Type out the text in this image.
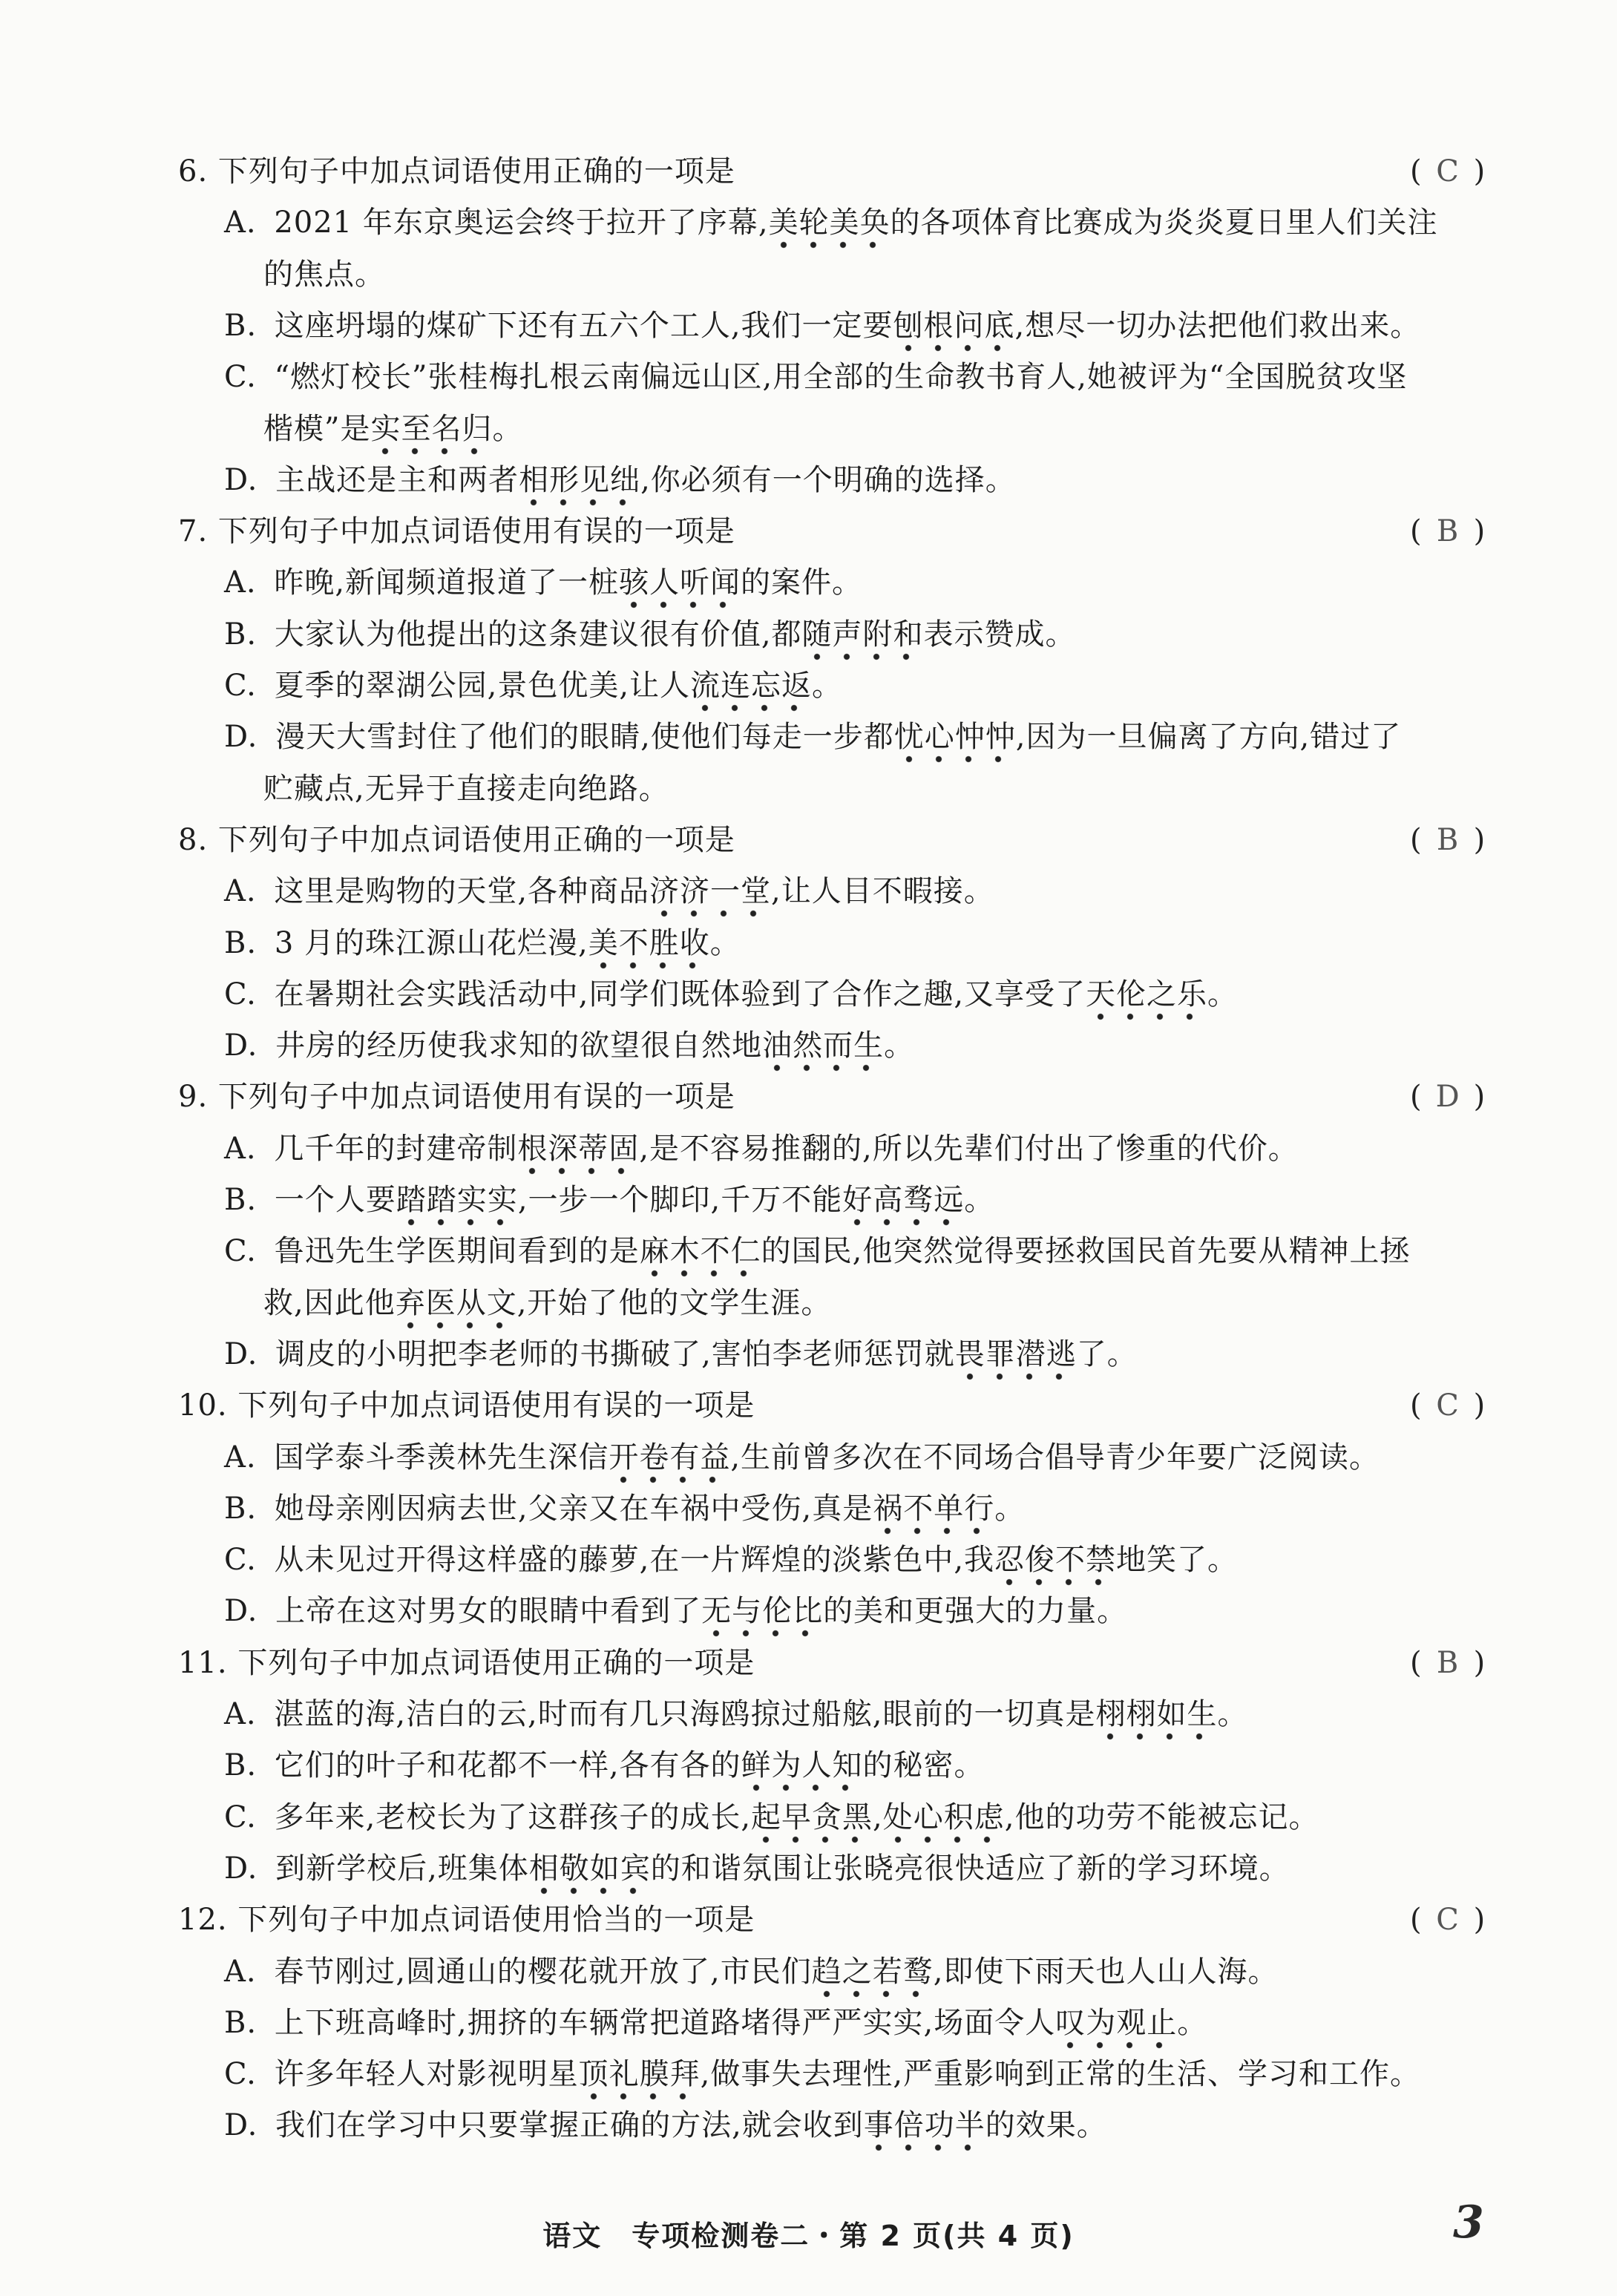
6. 下列句子中加点词语使用正确的一项是	( C )
A. 2021 年东京奥运会终于拉开了序幕,美轮美奂的各项体育比赛成为炎炎夏日里人们关注
的焦点。
B. 这座坍塌的煤矿下还有五六个工人,我们一定要刨根问底,想尽一切办法把他们救出来。
C. “燃灯校长”张桂梅扎根云南偏远山区,用全部的生命教书育人,她被评为“全国脱贫攻坚
楷模”是实至名归。
D. 主战还是主和两者相形见绌,你必须有一个明确的选择。
7. 下列句子中加点词语使用有误的一项是	( B )
A. 昨晚,新闻频道报道了一桩骇人听闻的案件。
B. 大家认为他提出的这条建议很有价值,都随声附和表示赞成。
C. 夏季的翠湖公园,景色优美,让人流连忘返。
D. 漫天大雪封住了他们的眼睛,使他们每走一步都忧心忡忡,因为一旦偏离了方向,错过了
贮藏点,无异于直接走向绝路。
8. 下列句子中加点词语使用正确的一项是	( B )
A. 这里是购物的天堂,各种商品济济一堂,让人目不暇接。
B. 3 月的珠江源山花烂漫,美不胜收。
C. 在暑期社会实践活动中,同学们既体验到了合作之趣,又享受了天伦之乐。
D. 井房的经历使我求知的欲望很自然地油然而生。
9. 下列句子中加点词语使用有误的一项是	( D )
A. 几千年的封建帝制根深蒂固,是不容易推翻的,所以先辈们付出了惨重的代价。
B. 一个人要踏踏实实,一步一个脚印,千万不能好高骛远。
C. 鲁迅先生学医期间看到的是麻木不仁的国民,他突然觉得要拯救国民首先要从精神上拯
救,因此他弃医从文,开始了他的文学生涯。
D. 调皮的小明把李老师的书撕破了,害怕李老师惩罚就畏罪潜逃了。
10. 下列句子中加点词语使用有误的一项是	( C )
A. 国学泰斗季羡林先生深信开卷有益,生前曾多次在不同场合倡导青少年要广泛阅读。
B. 她母亲刚因病去世,父亲又在车祸中受伤,真是祸不单行。
C. 从未见过开得这样盛的藤萝,在一片辉煌的淡紫色中,我忍俊不禁地笑了。
D. 上帝在这对男女的眼睛中看到了无与伦比的美和更强大的力量。
11. 下列句子中加点词语使用正确的一项是	( B )
A. 湛蓝的海,洁白的云,时而有几只海鸥掠过船舷,眼前的一切真是栩栩如生。
B. 它们的叶子和花都不一样,各有各的鲜为人知的秘密。
C. 多年来,老校长为了这群孩子的成长,起早贪黑,处心积虑,他的功劳不能被忘记。
D. 到新学校后,班集体相敬如宾的和谐氛围让张晓亮很快适应了新的学习环境。
12. 下列句子中加点词语使用恰当的一项是	( C )
A. 春节刚过,圆通山的樱花就开放了,市民们趋之若鹜,即使下雨天也人山人海。
B. 上下班高峰时,拥挤的车辆常把道路堵得严严实实,场面令人叹为观止。
C. 许多年轻人对影视明星顶礼膜拜,做事失去理性,严重影响到正常的生活、学习和工作。
D. 我们在学习中只要掌握正确的方法,就会收到事倍功半的效果。
语文　专项检测卷二・第 2 页(共 4 页)	3
